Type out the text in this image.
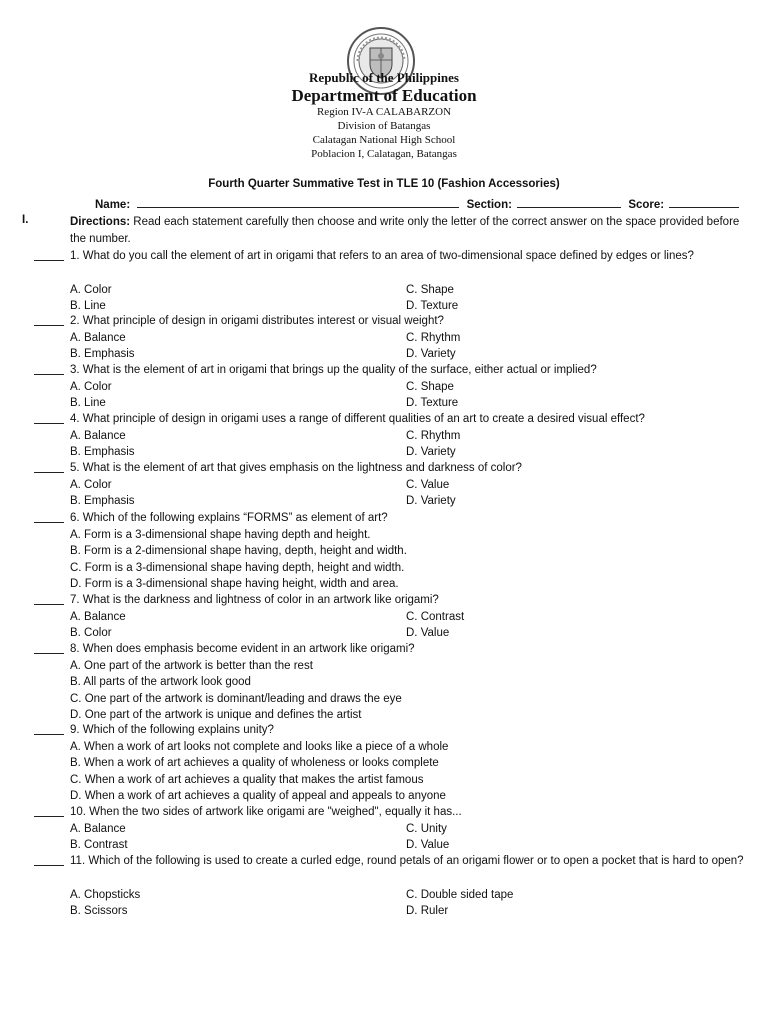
Republic of the Philippines
Department of Education
Region IV-A CALABARZON
Division of Batangas
Calatagan National High School
Poblacion I, Calatagan, Batangas
Fourth Quarter Summative Test in TLE 10 (Fashion Accessories)
Name:	Section:	Score:
I.	Directions: Read each statement carefully then choose and write only the letter of the correct answer on the space provided before the number.
1. What do you call the element of art in origami that refers to an area of two-dimensional space defined by edges or lines?
A. Color
B. Line
C. Shape
D. Texture
2. What principle of design in origami distributes interest or visual weight?
A. Balance
B. Emphasis
C. Rhythm
D. Variety
3. What is the element of art in origami that brings up the quality of the surface, either actual or implied?
A. Color
B. Line
C. Shape
D. Texture
4. What principle of design in origami uses a range of different qualities of an art to create a desired visual effect?
A. Balance
B. Emphasis
C. Rhythm
D. Variety
5. What is the element of art that gives emphasis on the lightness and darkness of color?
A. Color
B. Emphasis
C. Value
D. Variety
6. Which of the following explains “FORMS” as element of art?
A. Form is a 3-dimensional shape having depth and height.
B. Form is a 2-dimensional shape having, depth, height and width.
C. Form is a 3-dimensional shape having depth, height and width.
D. Form is a 3-dimensional shape having height, width and area.
7. What is the darkness and lightness of color in an artwork like origami?
A. Balance
B. Color
C. Contrast
D. Value
8. When does emphasis become evident in an artwork like origami?
A. One part of the artwork is better than the rest
B. All parts of the artwork look good
C. One part of the artwork is dominant/leading and draws the eye
D. One part of the artwork is unique and defines the artist
9. Which of the following explains unity?
A. When a work of art looks not complete and looks like a piece of a whole
B. When a work of art achieves a quality of wholeness or looks complete
C. When a work of art achieves a quality that makes the artist famous
D. When a work of art achieves a quality of appeal and appeals to anyone
10. When the two sides of artwork like origami are "weighed", equally it has...
A. Balance
B. Contrast
C. Unity
D. Value
11. Which of the following is used to create a curled edge, round petals of an origami flower or to open a pocket that is hard to open?
A. Chopsticks
B. Scissors
C. Double sided tape
D. Ruler
